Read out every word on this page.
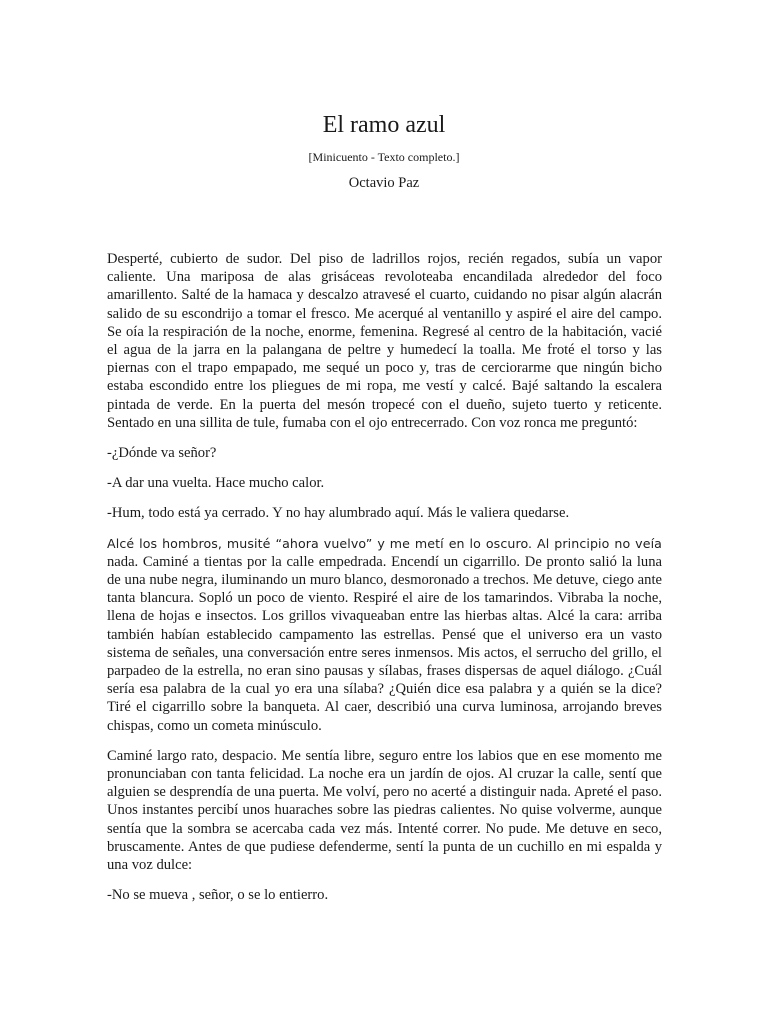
El ramo azul

[Minicuento - Texto completo.]

Octavio Paz

Desperté, cubierto de sudor. Del piso de ladrillos rojos, recién regados, subía un vapor caliente. Una mariposa de alas grisáceas revoloteaba encandilada alrededor del foco amarillento. Salté de la hamaca y descalzo atravesé el cuarto, cuidando no pisar algún alacrán salido de su escondrijo a tomar el fresco. Me acerqué al ventanillo y aspiré el aire del campo. Se oía la respiración de la noche, enorme, femenina. Regresé al centro de la habitación, vacié el agua de la jarra en la palangana de peltre y humedecí la toalla. Me froté el torso y las piernas con el trapo empapado, me sequé un poco y, tras de cerciorarme que ningún bicho estaba escondido entre los pliegues de mi ropa, me vestí y calcé. Bajé saltando la escalera pintada de verde. En la puerta del mesón tropecé con el dueño, sujeto tuerto y reticente. Sentado en una sillita de tule, fumaba con el ojo entrecerrado. Con voz ronca me preguntó:

-¿Dónde va señor?

-A dar una vuelta. Hace mucho calor.

-Hum, todo está ya cerrado. Y no hay alumbrado aquí. Más le valiera quedarse.

Alcé los hombros, musité “ahora vuelvo” y me metí en lo oscuro. Al principio no veía nada. Caminé a tientas por la calle empedrada. Encendí un cigarrillo. De pronto salió la luna de una nube negra, iluminando un muro blanco, desmoronado a trechos. Me detuve, ciego ante tanta blancura. Sopló un poco de viento. Respiré el aire de los tamarindos. Vibraba la noche, llena de hojas e insectos. Los grillos vivaqueaban entre las hierbas altas. Alcé la cara: arriba también habían establecido campamento las estrellas. Pensé que el universo era un vasto sistema de señales, una conversación entre seres inmensos. Mis actos, el serrucho del grillo, el parpadeo de la estrella, no eran sino pausas y sílabas, frases dispersas de aquel diálogo. ¿Cuál sería esa palabra de la cual yo era una sílaba? ¿Quién dice esa palabra y a quién se la dice? Tiré el cigarrillo sobre la banqueta. Al caer, describió una curva luminosa, arrojando breves chispas, como un cometa minúsculo.

Caminé largo rato, despacio. Me sentía libre, seguro entre los labios que en ese momento me pronunciaban con tanta felicidad. La noche era un jardín de ojos. Al cruzar la calle, sentí que alguien se desprendía de una puerta. Me volví, pero no acerté a distinguir nada. Apreté el paso. Unos instantes percibí unos huaraches sobre las piedras calientes. No quise volverme, aunque sentía que la sombra se acercaba cada vez más. Intenté correr. No pude. Me detuve en seco, bruscamente. Antes de que pudiese defenderme, sentí la punta de un cuchillo en mi espalda y una voz dulce:

-No se mueva , señor, o se lo entierro.
